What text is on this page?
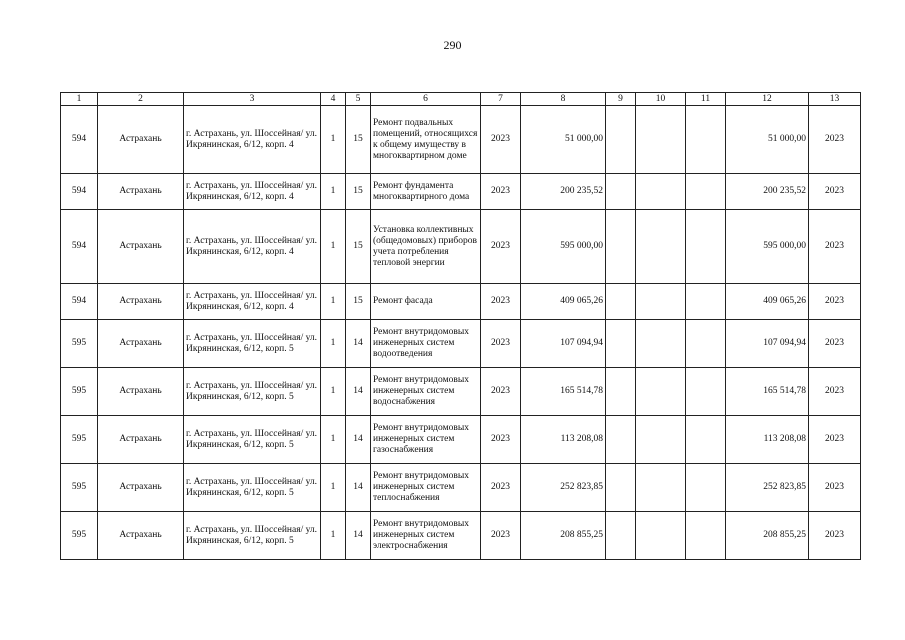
290
1	2	3	4	5	6	7	8	9	10	11	12	13
594	Астрахань	г. Астрахань, ул. Шоссейная/ ул. Икрянинская, 6/12, корп. 4	1	15	Ремонт подвальных помещений, относящихся к общему имуществу в многоквартирном доме	2023	51 000,00				51 000,00	2023
594	Астрахань	г. Астрахань, ул. Шоссейная/ ул. Икрянинская, 6/12, корп. 4	1	15	Ремонт фундамента многоквартирного дома	2023	200 235,52				200 235,52	2023
594	Астрахань	г. Астрахань, ул. Шоссейная/ ул. Икрянинская, 6/12, корп. 4	1	15	Установка коллективных (общедомовых) приборов учета потребления тепловой энергии	2023	595 000,00				595 000,00	2023
594	Астрахань	г. Астрахань, ул. Шоссейная/ ул. Икрянинская, 6/12, корп. 4	1	15	Ремонт фасада	2023	409 065,26				409 065,26	2023
595	Астрахань	г. Астрахань, ул. Шоссейная/ ул. Икрянинская, 6/12, корп. 5	1	14	Ремонт внутридомовых инженерных систем водоотведения	2023	107 094,94				107 094,94	2023
595	Астрахань	г. Астрахань, ул. Шоссейная/ ул. Икрянинская, 6/12, корп. 5	1	14	Ремонт внутридомовых инженерных систем водоснабжения	2023	165 514,78				165 514,78	2023
595	Астрахань	г. Астрахань, ул. Шоссейная/ ул. Икрянинская, 6/12, корп. 5	1	14	Ремонт внутридомовых инженерных систем газоснабжения	2023	113 208,08				113 208,08	2023
595	Астрахань	г. Астрахань, ул. Шоссейная/ ул. Икрянинская, 6/12, корп. 5	1	14	Ремонт внутридомовых инженерных систем теплоснабжения	2023	252 823,85				252 823,85	2023
595	Астрахань	г. Астрахань, ул. Шоссейная/ ул. Икрянинская, 6/12, корп. 5	1	14	Ремонт внутридомовых инженерных систем электроснабжения	2023	208 855,25				208 855,25	2023
